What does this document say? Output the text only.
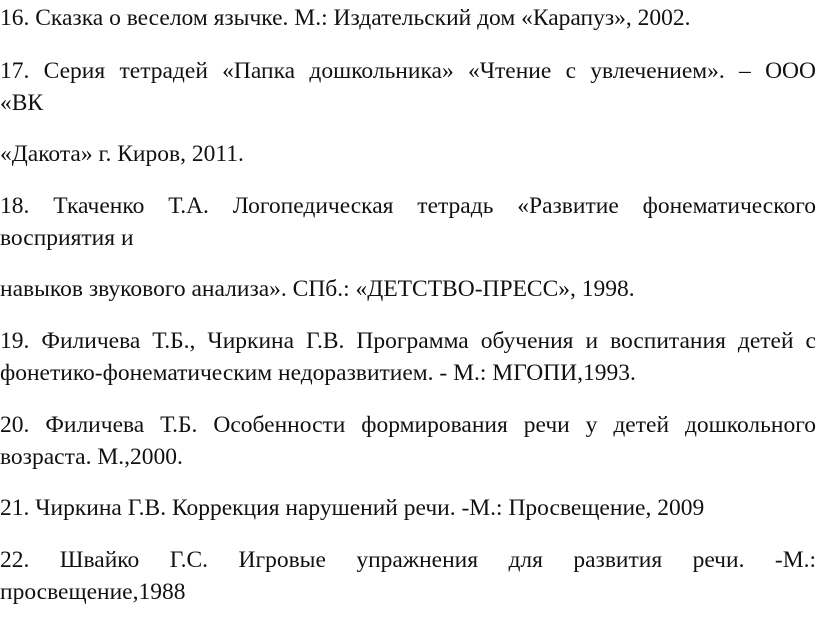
16. Сказка о веселом язычке. М.: Издательский дом «Карапуз», 2002.

17. Серия тетрадей «Папка дошкольника» «Чтение с увлечением». – ООО

«ВК

«Дакота» г. Киров, 2011.

18. Ткаченко Т.А. Логопедическая тетрадь «Развитие фонематического

восприятия и

навыков звукового анализа». СПб.: «ДЕТСТВО-ПРЕСС», 1998.

19. Филичева Т.Б., Чиркина Г.В. Программа обучения и воспитания детей с

фонетико-фонематическим недоразвитием. - М.: МГОПИ,1993.

20. Филичева Т.Б. Особенности формирования речи у детей дошкольного

возраста. М.,2000.

21. Чиркина Г.В. Коррекция нарушений речи. -М.: Просвещение, 2009

22. Швайко Г.С. Игровые упражнения для развития речи. -М.:

просвещение,1988
